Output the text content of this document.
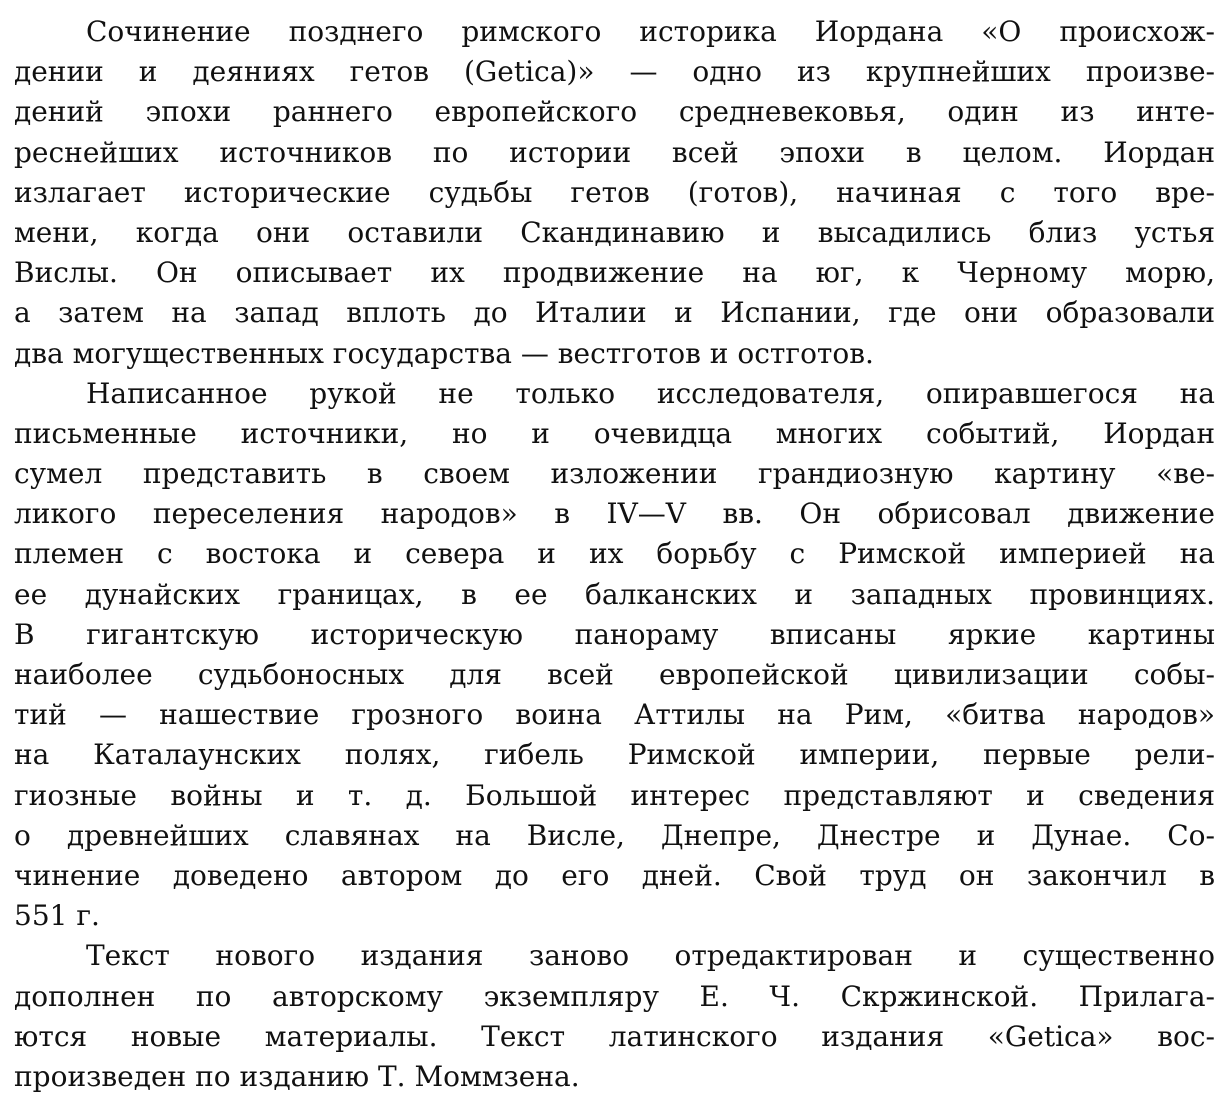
Сочинение позднего римского историка Иордана «О происхож-
дении и деяниях гетов (Getica)» — одно из крупнейших произве-
дений эпохи раннего европейского средневековья, один из инте-
реснейших источников по истории всей эпохи в целом. Иордан
излагает исторические судьбы гетов (готов), начиная с того вре-
мени, когда они оставили Скандинавию и высадились близ устья
Вислы. Он описывает их продвижение на юг, к Черному морю,
а затем на запад вплоть до Италии и Испании, где они образовали
два могущественных государства — вестготов и остготов.
Написанное рукой не только исследователя, опиравшегося на
письменные источники, но и очевидца многих событий, Иордан
сумел представить в своем изложении грандиозную картину «ве-
ликого переселения народов» в IV—V вв. Он обрисовал движение
племен с востока и севера и их борьбу с Римской империей на
ее дунайских границах, в ее балканских и западных провинциях.
В гигантскую историческую панораму вписаны яркие картины
наиболее судьбоносных для всей европейской цивилизации собы-
тий — нашествие грозного воина Аттилы на Рим, «битва народов»
на Каталаунских полях, гибель Римской империи, первые рели-
гиозные войны и т. д. Большой интерес представляют и сведения
о древнейших славянах на Висле, Днепре, Днестре и Дунае. Со-
чинение доведено автором до его дней. Свой труд он закончил в
551 г.
Текст нового издания заново отредактирован и существенно
дополнен по авторскому экземпляру Е. Ч. Скржинской. Прилага-
ются новые материалы. Текст латинского издания «Getica» вос-
произведен по изданию Т. Моммзена.
